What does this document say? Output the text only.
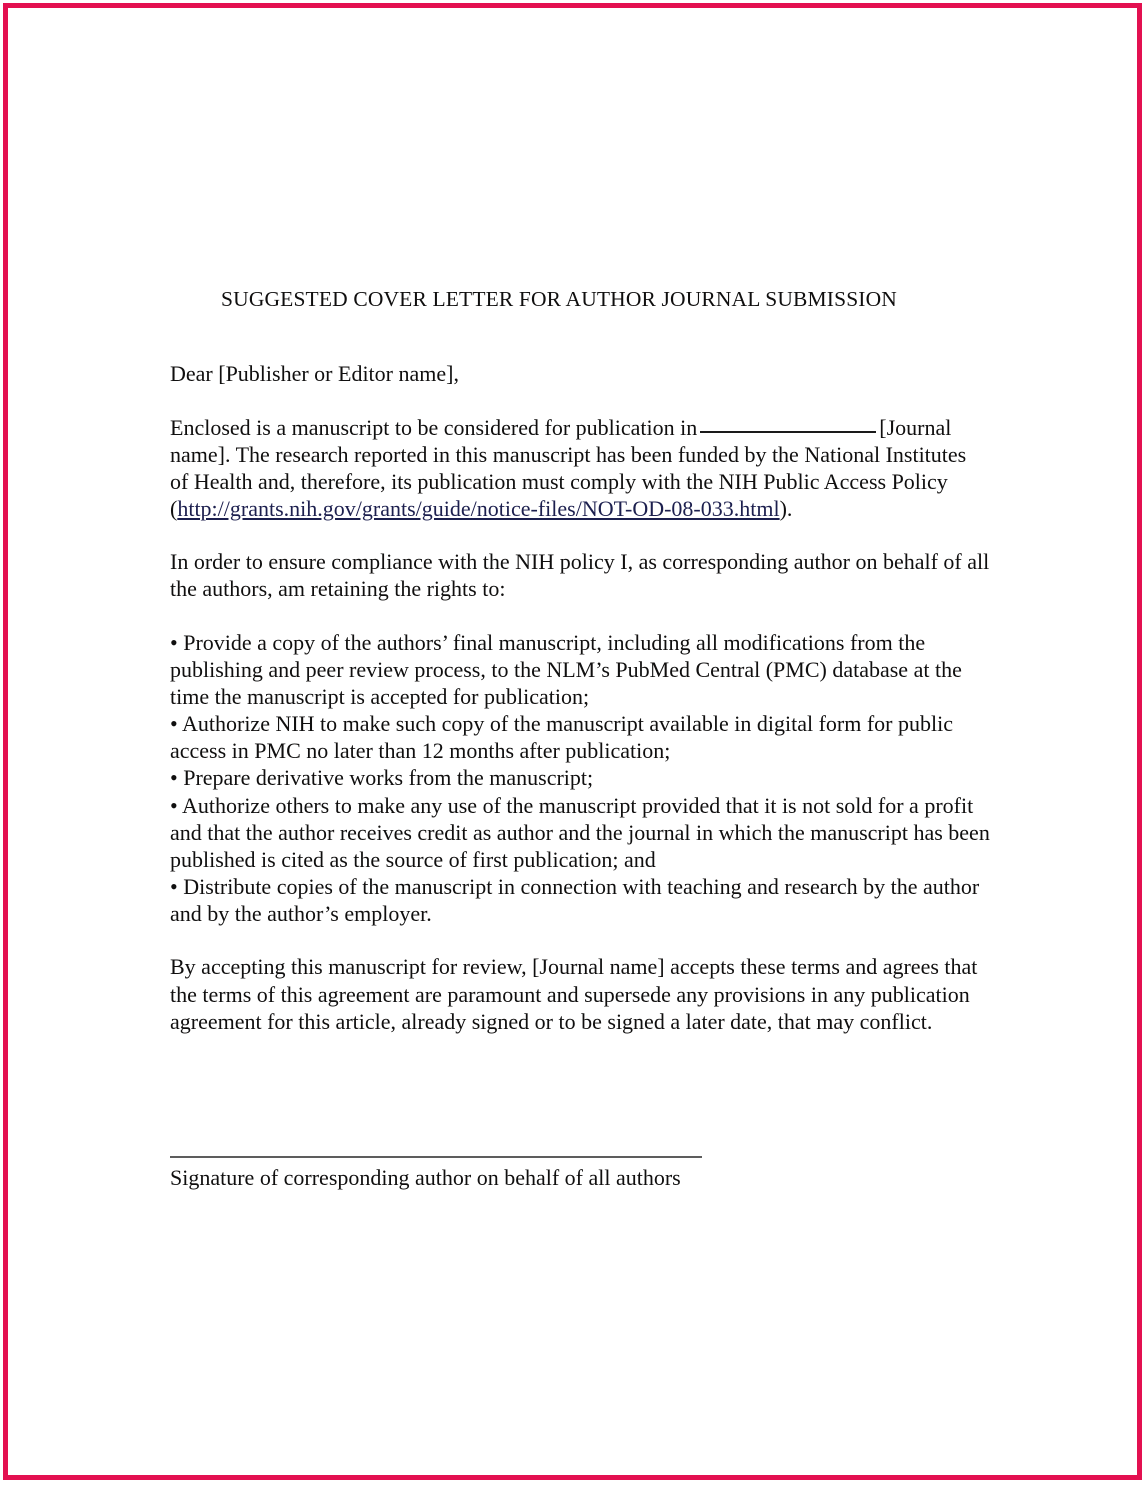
SUGGESTED COVER LETTER FOR AUTHOR JOURNAL SUBMISSION
Dear [Publisher or Editor name],
Enclosed is a manuscript to be considered for publication in	[Journal name]. The research reported in this manuscript has been funded by the National Institutes of Health and, therefore, its publication must comply with the NIH Public Access Policy (http://grants.nih.gov/grants/guide/notice-files/NOT-OD-08-033.html).
In order to ensure compliance with the NIH policy I, as corresponding author on behalf of all the authors, am retaining the rights to:
• Provide a copy of the authors’ final manuscript, including all modifications from the publishing and peer review process, to the NLM’s PubMed Central (PMC) database at the time the manuscript is accepted for publication;
• Authorize NIH to make such copy of the manuscript available in digital form for public access in PMC no later than 12 months after publication;
• Prepare derivative works from the manuscript;
• Authorize others to make any use of the manuscript provided that it is not sold for a profit and that the author receives credit as author and the journal in which the manuscript has been published is cited as the source of first publication; and
• Distribute copies of the manuscript in connection with teaching and research by the author and by the author’s employer.
By accepting this manuscript for review, [Journal name] accepts these terms and agrees that the terms of this agreement are paramount and supersede any provisions in any publication agreement for this article, already signed or to be signed a later date, that may conflict.
Signature of corresponding author on behalf of all authors
